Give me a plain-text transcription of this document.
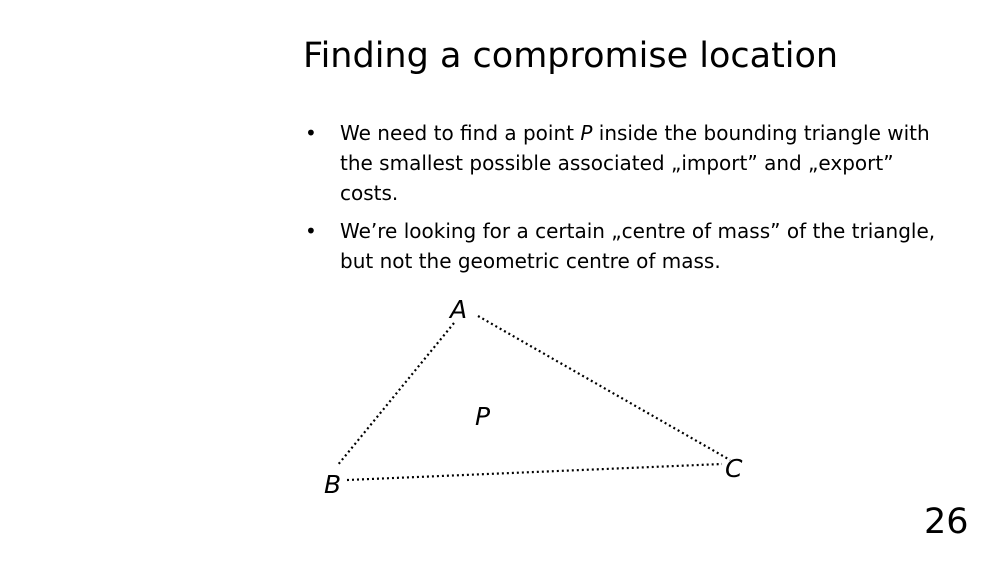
Finding a compromise location
• We need to find a point P inside the bounding triangle with the smallest possible associated „import” and „export” costs.
• We’re looking for a certain „centre of mass” of the triangle, but not the geometric centre of mass.
A
B
C
P

26
